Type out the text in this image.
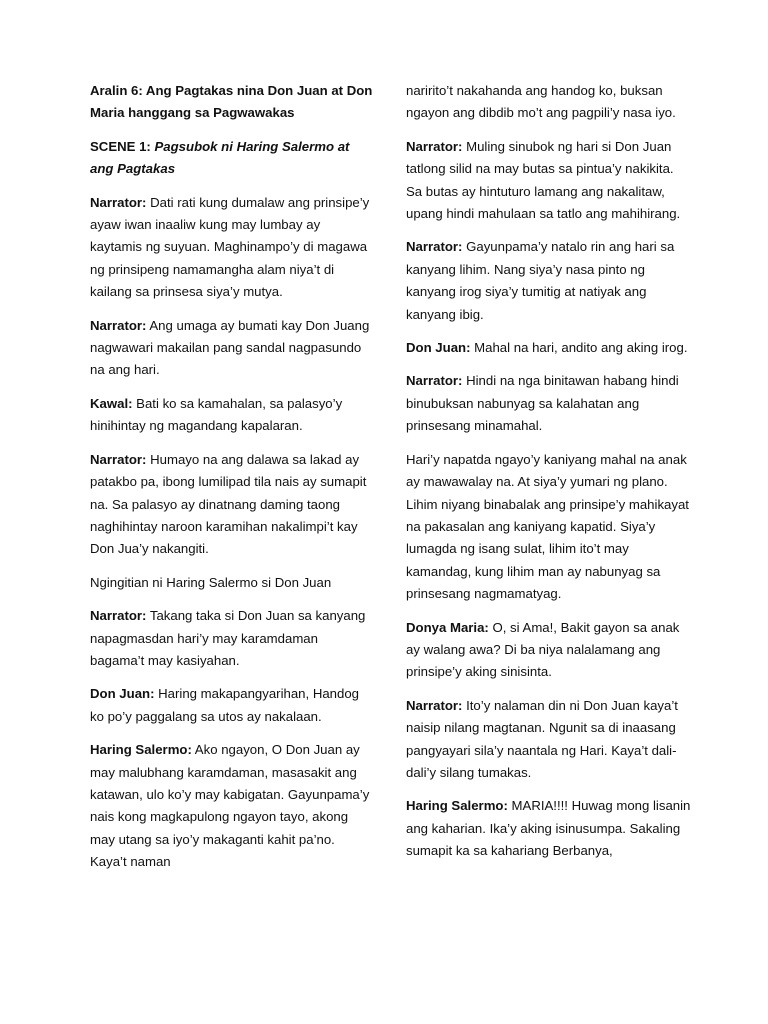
Aralin 6: Ang Pagtakas nina Don Juan at Don Maria hanggang sa Pagwawakas

SCENE 1: Pagsubok ni Haring Salermo at ang Pagtakas

Narrator: Dati rati kung dumalaw ang prinsipe’y ayaw iwan inaaliw kung may lumbay ay kaytamis ng suyuan. Maghinampo’y di magawa ng prinsipeng namamangha alam niya’t di kailang sa prinsesa siya’y mutya.

Narrator: Ang umaga ay bumati kay Don Juang nagwawari makailan pang sandal nagpasundo na ang hari.

Kawal: Bati ko sa kamahalan, sa palasyo’y hinihintay ng magandang kapalaran.

Narrator: Humayo na ang dalawa sa lakad ay patakbo pa, ibong lumilipad tila nais ay sumapit na. Sa palasyo ay dinatnang daming taong naghihintay naroon karamihan nakalimpi’t kay Don Jua’y nakangiti.

Ngingitian ni Haring Salermo si Don Juan

Narrator: Takang taka si Don Juan sa kanyang napagmasdan hari’y may karamdaman bagama’t may kasiyahan.

Don Juan: Haring makapangyarihan, Handog ko po’y paggalang sa utos ay nakalaan.

Haring Salermo: Ako ngayon, O Don Juan ay may malubhang karamdaman, masasakit ang katawan, ulo ko’y may kabigatan. Gayunpama’y nais kong magkapulong ngayon tayo, akong may utang sa iyo’y makaganti kahit pa’no. Kaya’t naman

naririto’t nakahanda ang handog ko, buksan ngayon ang dibdib mo’t ang pagpili’y nasa iyo.

Narrator: Muling sinubok ng hari si Don Juan tatlong silid na may butas sa pintua’y nakikita. Sa butas ay hintuturo lamang ang nakalitaw, upang hindi mahulaan sa tatlo ang mahihirang.

Narrator: Gayunpama’y natalo rin ang hari sa kanyang lihim. Nang siya’y nasa pinto ng kanyang irog siya’y tumitig at natiyak ang kanyang ibig.

Don Juan: Mahal na hari, andito ang aking irog.

Narrator: Hindi na nga binitawan habang hindi binubuksan nabunyag sa kalahatan ang prinsesang minamahal.

Hari’y napatda ngayo’y kaniyang mahal na anak ay mawawalay na. At siya’y yumari ng plano. Lihim niyang binabalak ang prinsipe’y mahikayat na pakasalan ang kaniyang kapatid. Siya’y lumagda ng isang sulat, lihim ito’t may kamandag, kung lihim man ay nabunyag sa prinsesang nagmamatyag.

Donya Maria: O, si Ama!, Bakit gayon sa anak ay walang awa? Di ba niya nalalamang ang prinsipe’y aking sinisinta.

Narrator: Ito’y nalaman din ni Don Juan kaya’t naisip nilang magtanan. Ngunit sa di inaasang pangyayari sila’y naantala ng Hari. Kaya’t dali-dali’y silang tumakas.

Haring Salermo: MARIA!!!! Huwag mong lisanin ang kaharian. Ika’y aking isinusumpa. Sakaling sumapit ka sa kahariang Berbanya,
